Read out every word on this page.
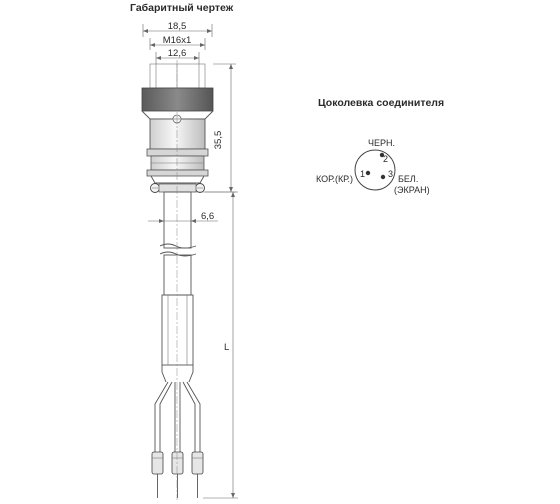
Габаритный чертеж
Цоколевка соединителя
18,5
M16x1
12,6
35,5
6,6
L
2
1	3
ЧЕРН.
КОР.(КР.)	БЕЛ.
(ЭКРАН)
